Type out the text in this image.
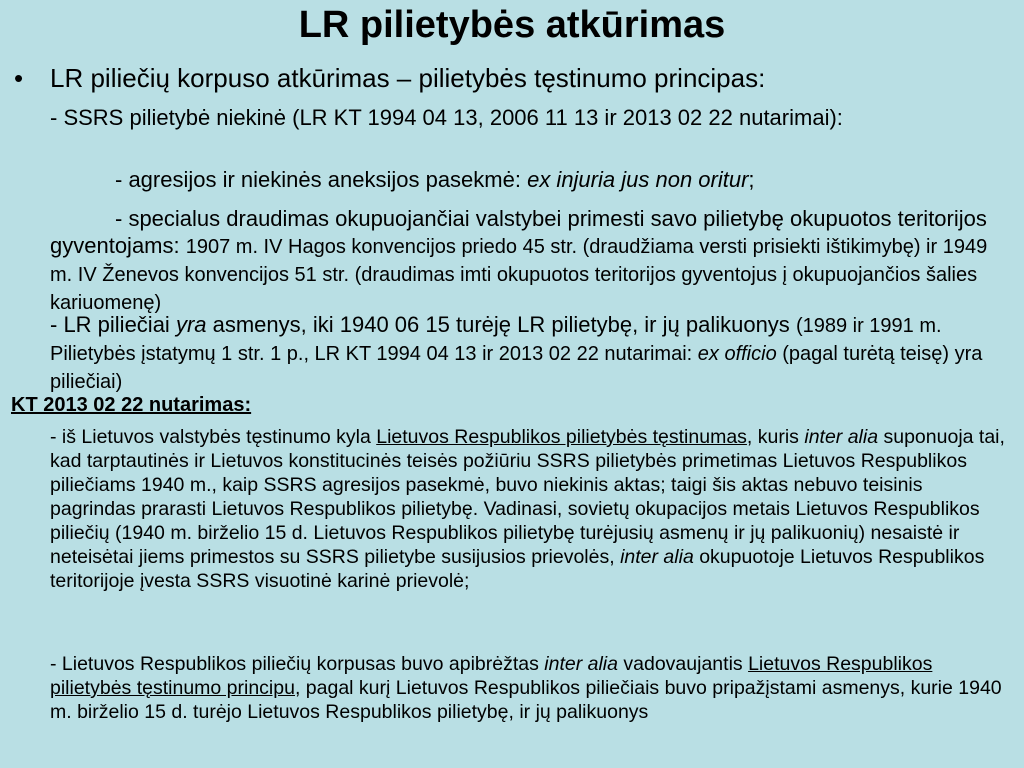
LR pilietybės atkūrimas
• LR piliečių korpuso atkūrimas – pilietybės tęstinumo principas:
- SSRS pilietybė niekinė (LR KT 1994 04 13, 2006 11 13 ir 2013 02 22 nutarimai):
- agresijos ir niekinės aneksijos pasekmė: ex injuria jus non oritur;
- specialus draudimas okupuojančiai valstybei primesti savo pilietybę okupuotos teritorijos gyventojams: 1907 m. IV Hagos konvencijos priedo 45 str. (draudžiama versti prisiekti ištikimybę) ir 1949 m. IV Ženevos konvencijos 51 str. (draudimas imti okupuotos teritorijos gyventojus į okupuojančios šalies kariuomenę)
- LR piliečiai yra asmenys, iki 1940 06 15 turėję LR pilietybę, ir jų palikuonys (1989 ir 1991 m. Pilietybės įstatymų 1 str. 1 p., LR KT 1994 04 13 ir 2013 02 22 nutarimai: ex officio (pagal turėtą teisę) yra piliečiai)
KT 2013 02 22 nutarimas:
- iš Lietuvos valstybės tęstinumo kyla Lietuvos Respublikos pilietybės tęstinumas, kuris inter alia suponuoja tai, kad tarptautinės ir Lietuvos konstitucinės teisės požiūriu SSRS pilietybės primetimas Lietuvos Respublikos piliečiams 1940 m., kaip SSRS agresijos pasekmė, buvo niekinis aktas; taigi šis aktas nebuvo teisinis pagrindas prarasti Lietuvos Respublikos pilietybę. Vadinasi, sovietų okupacijos metais Lietuvos Respublikos piliečių (1940 m. birželio 15 d. Lietuvos Respublikos pilietybę turėjusių asmenų ir jų palikuonių) nesaistė ir neteisėtai jiems primestos su SSRS pilietybe susijusios prievolės, inter alia okupuotoje Lietuvos Respublikos teritorijoje įvesta SSRS visuotinė karinė prievolė;
- Lietuvos Respublikos piliečių korpusas buvo apibrėžtas inter alia vadovaujantis Lietuvos Respublikos pilietybės tęstinumo principu, pagal kurį Lietuvos Respublikos piliečiais buvo pripažįstami asmenys, kurie 1940 m. birželio 15 d. turėjo Lietuvos Respublikos pilietybę, ir jų palikuonys
